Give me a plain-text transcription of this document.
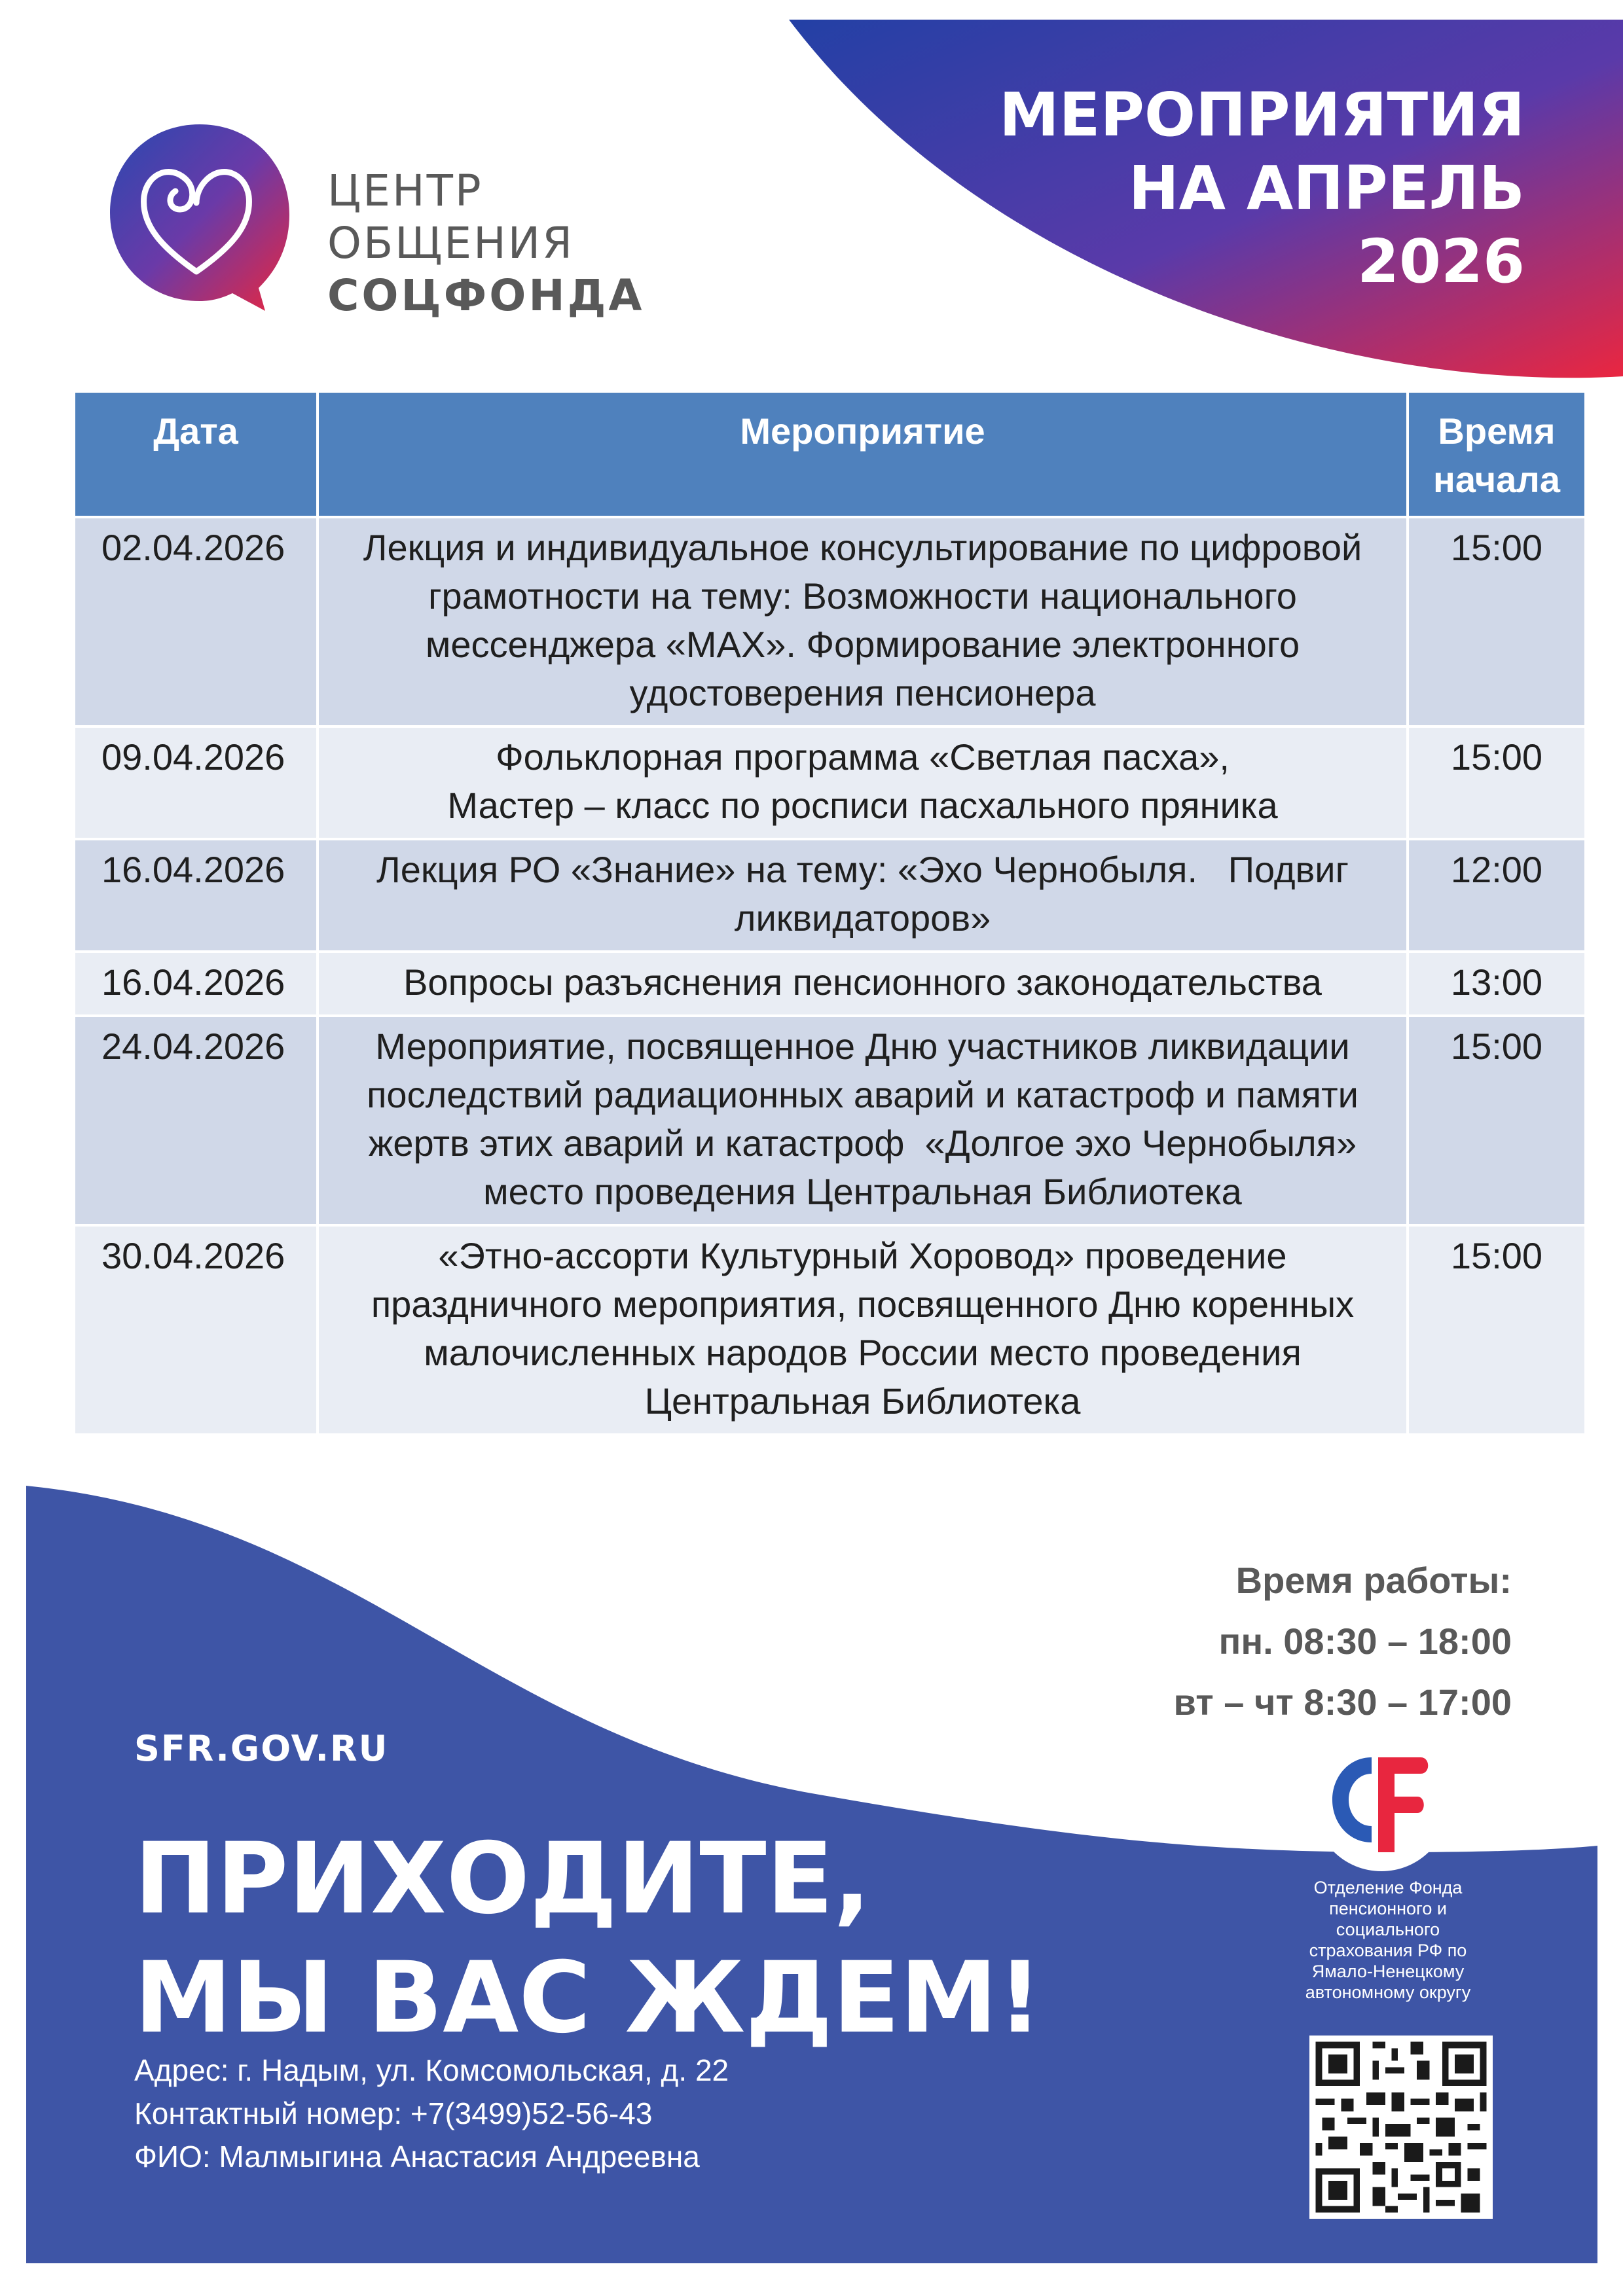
МЕРОПРИЯТИЯ
НА АПРЕЛЬ
2026
ЦЕНТР
ОБЩЕНИЯ
СОЦФОНДА
Дата	Мероприятие	Время
начала

02.04.2026	Лекция и индивидуальное консультирование по цифровой
грамотности на тему: Возможности национального
мессенджера «MAX». Формирование электронного
удостоверения пенсионера	15:00
09.04.2026	Фольклорная программа «Светлая пасха»,
Мастер – класс по росписи пасхального пряника	15:00
16.04.2026	Лекция РО «Знание» на тему: «Эхо Чернобыля.   Подвиг
ликвидаторов»	12:00
16.04.2026	Вопросы разъяснения пенсионного законодательства	13:00
24.04.2026	Мероприятие, посвященное Дню участников ликвидации
последствий радиационных аварий и катастроф и памяти
жертв этих аварий и катастроф  «Долгое эхо Чернобыля»
место проведения Центральная Библиотека	15:00
30.04.2026	«Этно-ассорти Культурный Хоровод» проведение
праздничного мероприятия, посвященного Дню коренных
малочисленных народов России место проведения
Центральная Библиотека	15:00
Время работы:
пн. 08:30 – 18:00
вт – чт 8:30 – 17:00
SFR.GOV.RU
ПРИХОДИТЕ,
МЫ ВАС ЖДЕМ!
Адрес: г. Надым, ул. Комсомольская, д. 22
Контактный номер: +7(3499)52-56-43
ФИО: Малмыгина Анастасия Андреевна
Отделение Фонда
пенсионного и
социального
страхования РФ по
Ямало-Ненецкому
автономному округу
